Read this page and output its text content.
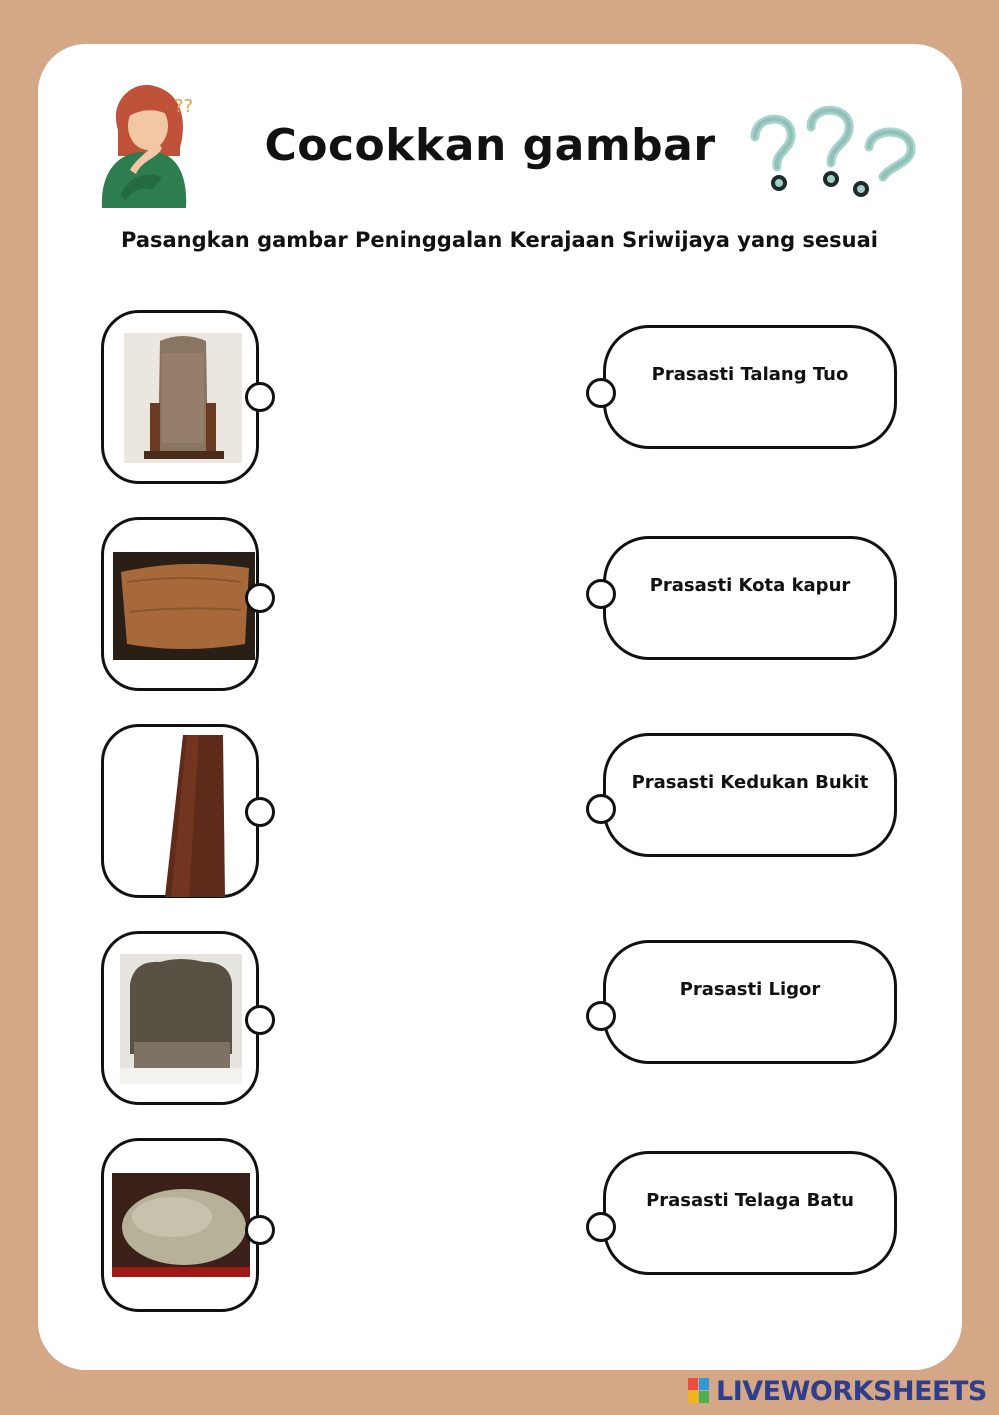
??
Cocokkan gambar
Pasangkan gambar Peninggalan Kerajaan Sriwijaya yang sesuai
Prasasti Talang Tuo
Prasasti Kota kapur
Prasasti Kedukan Bukit
Prasasti Ligor
Prasasti Telaga Batu
LIVEWORKSHEETS
